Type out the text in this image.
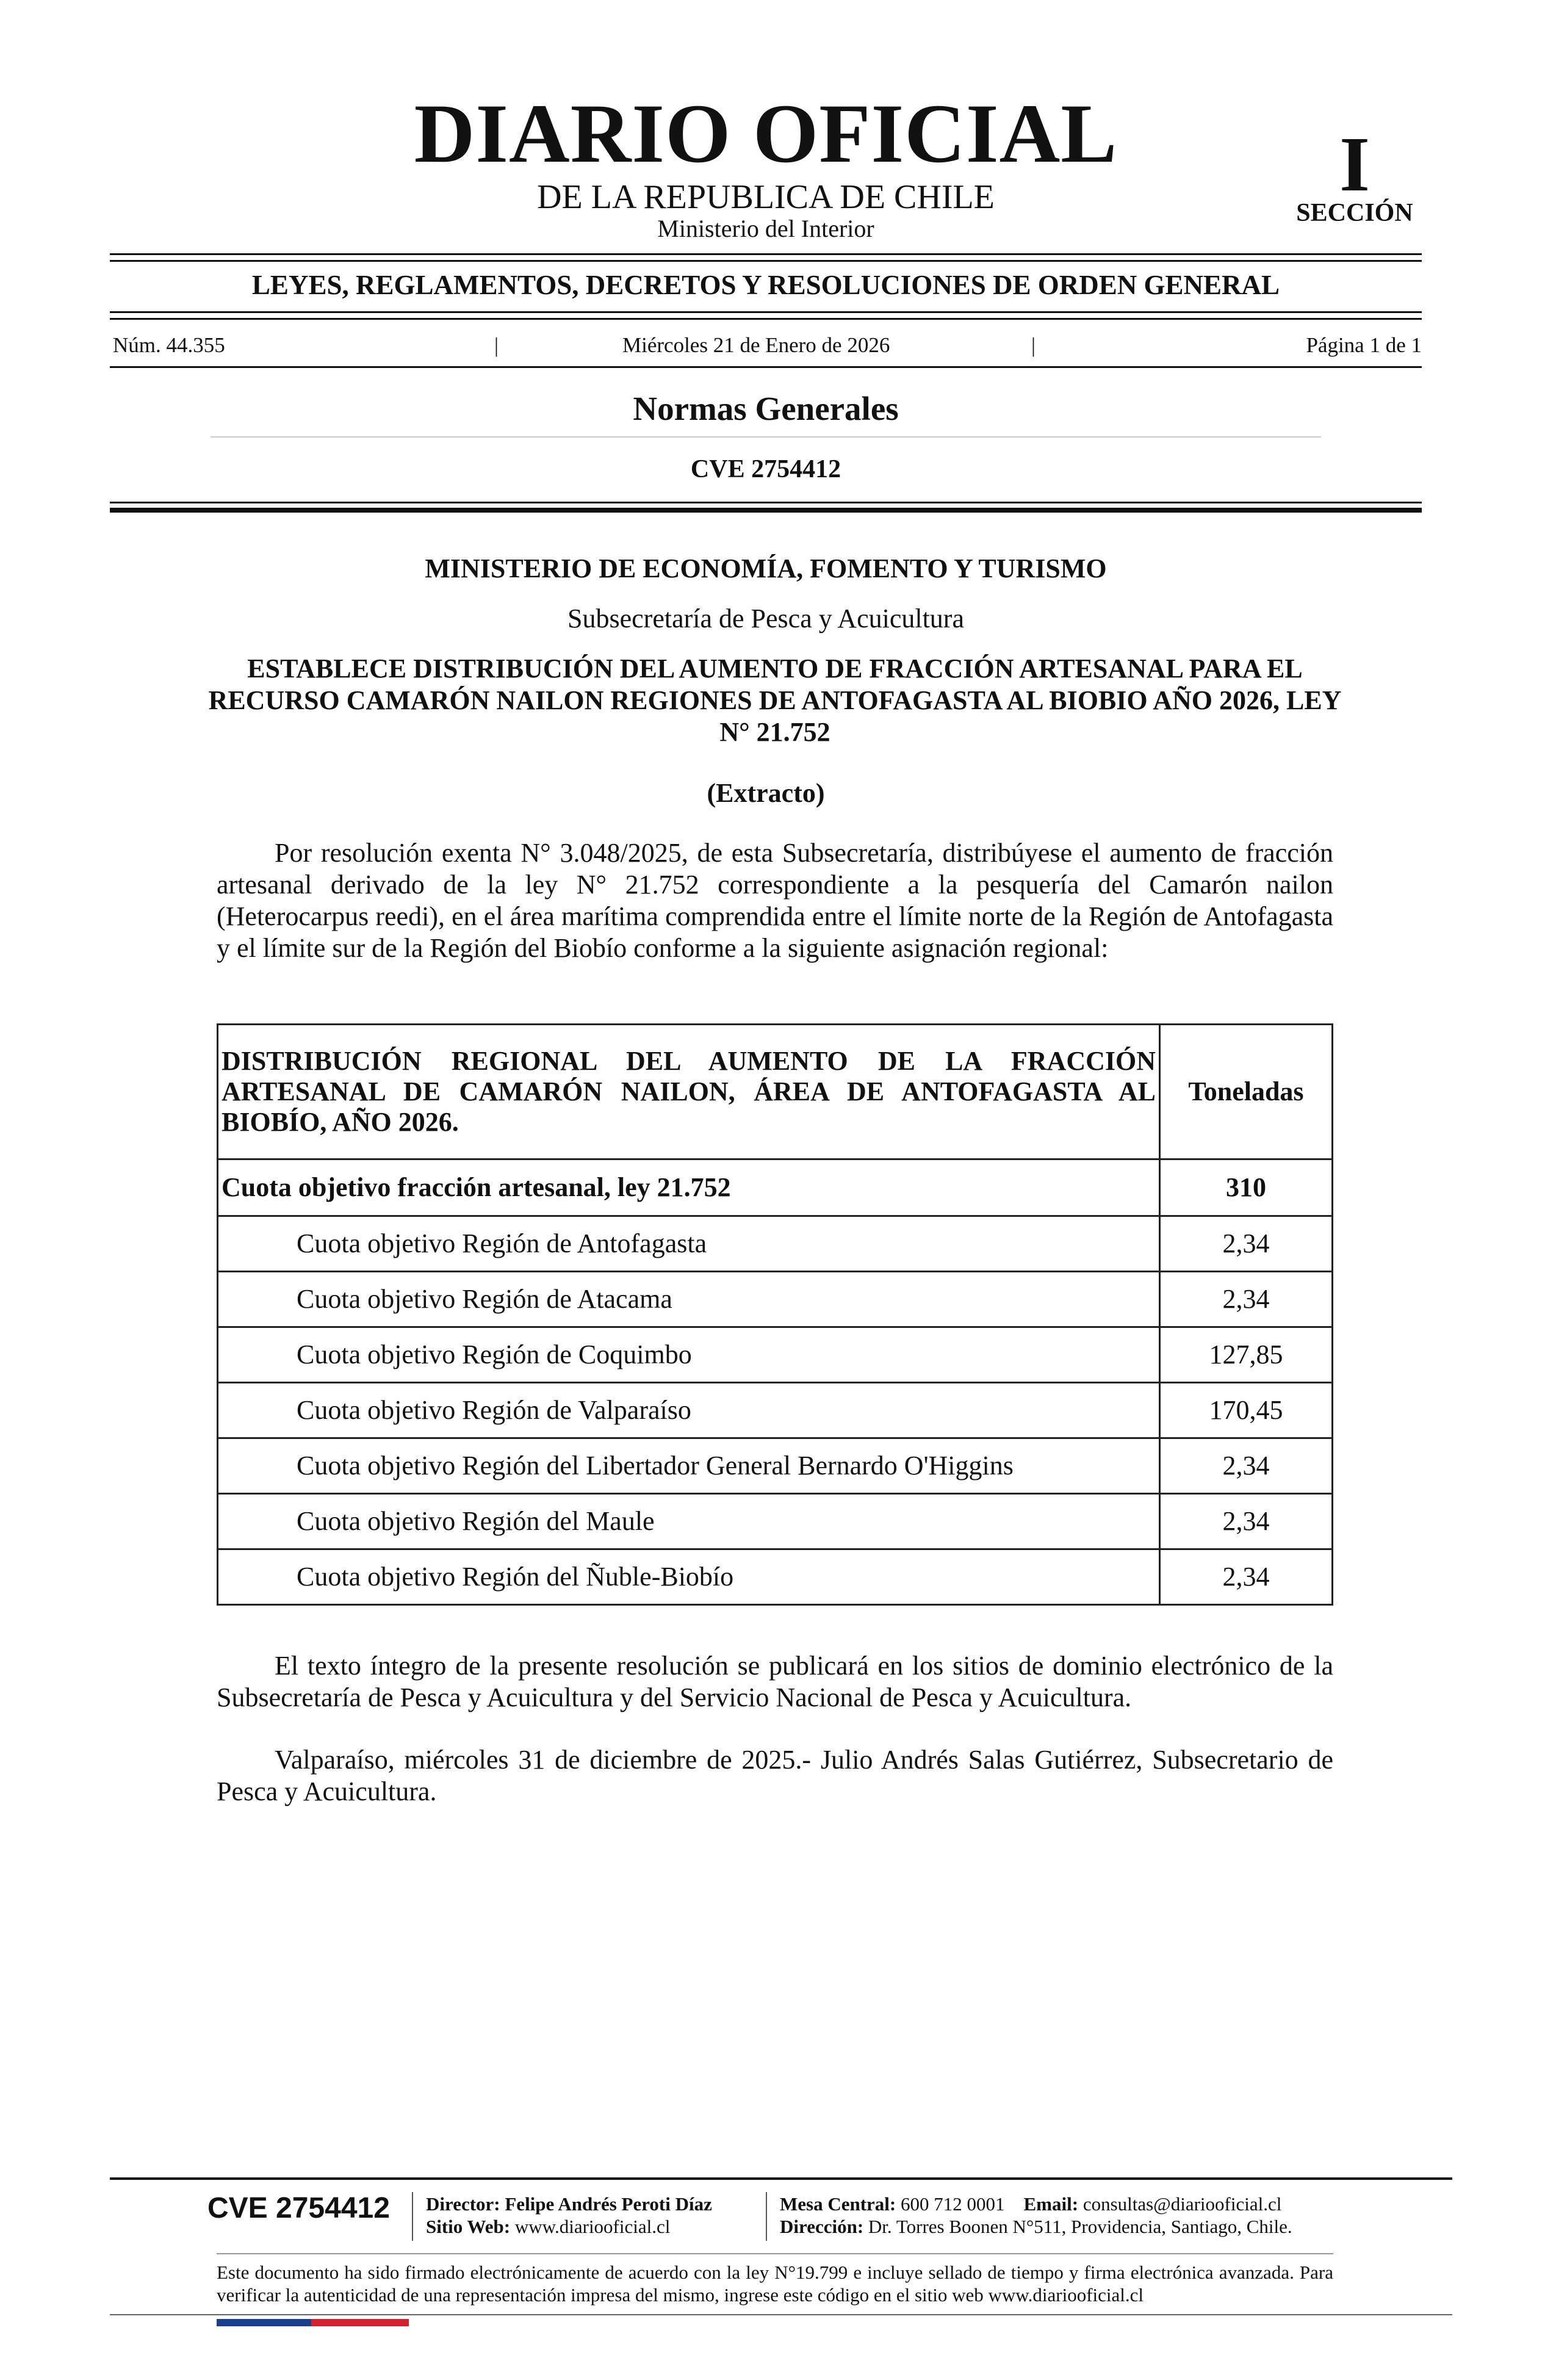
DIARIO OFICIAL
DE LA REPUBLICA DE CHILE
Ministerio del Interior
I
SECCIÓN
LEYES, REGLAMENTOS, DECRETOS Y RESOLUCIONES DE ORDEN GENERAL
Núm. 44.355	|	Miércoles 21 de Enero de 2026	|	Página 1 de 1
Normas Generales
CVE 2754412
MINISTERIO DE ECONOMÍA, FOMENTO Y TURISMO
Subsecretaría de Pesca y Acuicultura
ESTABLECE DISTRIBUCIÓN DEL AUMENTO DE FRACCIÓN ARTESANAL PARA EL RECURSO CAMARÓN NAILON REGIONES DE ANTOFAGASTA AL BIOBIO AÑO 2026, LEY N° 21.752
(Extracto)

Por resolución exenta N° 3.048/2025, de esta Subsecretaría, distribúyese el aumento de fracción artesanal derivado de la ley N° 21.752 correspondiente a la pesquería del Camarón nailon (Heterocarpus reedi), en el área marítima comprendida entre el límite norte de la Región de Antofagasta y el límite sur de la Región del Biobío conforme a la siguiente asignación regional:

DISTRIBUCIÓN REGIONAL DEL AUMENTO DE LA FRACCIÓN ARTESANAL DE CAMARÓN NAILON, ÁREA DE ANTOFAGASTA AL BIOBÍO, AÑO 2026.	Toneladas
Cuota objetivo fracción artesanal, ley 21.752	310
Cuota objetivo Región de Antofagasta	2,34
Cuota objetivo Región de Atacama	2,34
Cuota objetivo Región de Coquimbo	127,85
Cuota objetivo Región de Valparaíso	170,45
Cuota objetivo Región del Libertador General Bernardo O'Higgins	2,34
Cuota objetivo Región del Maule	2,34
Cuota objetivo Región del Ñuble-Biobío	2,34

El texto íntegro de la presente resolución se publicará en los sitios de dominio electrónico de la Subsecretaría de Pesca y Acuicultura y del Servicio Nacional de Pesca y Acuicultura.

Valparaíso, miércoles 31 de diciembre de 2025.- Julio Andrés Salas Gutiérrez, Subsecretario de Pesca y Acuicultura.

CVE 2754412	Director: Felipe Andrés Peroti Díaz
Sitio Web: www.diariooficial.cl
Mesa Central: 600 712 0001 Email: consultas@diariooficial.cl
Dirección: Dr. Torres Boonen N°511, Providencia, Santiago, Chile.
Este documento ha sido firmado electrónicamente de acuerdo con la ley N°19.799 e incluye sellado de tiempo y firma electrónica avanzada. Para verificar la autenticidad de una representación impresa del mismo, ingrese este código en el sitio web www.diariooficial.cl
